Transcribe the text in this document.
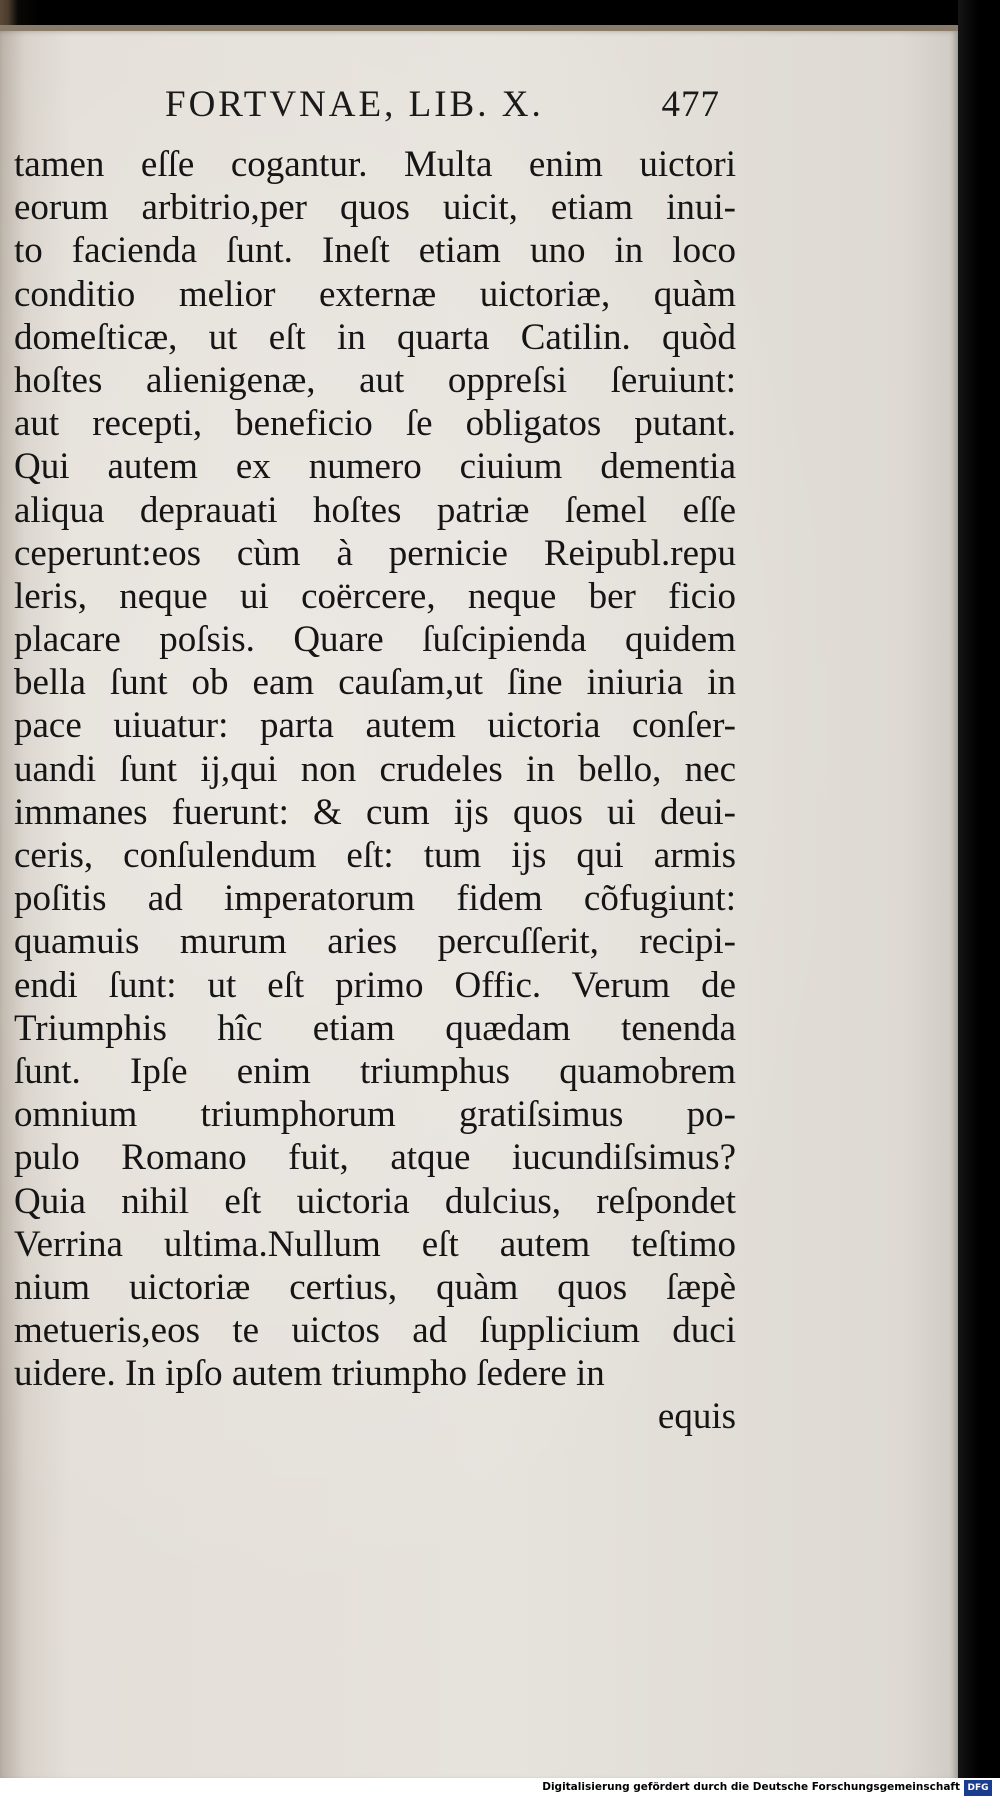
FORTVNAE, LIB. X.	477
tamen eſſe cogantur. Multa enim uictori
eorum arbitrio,per quos uicit, etiam inui-
to facienda ſunt. Ineſt etiam uno in loco
conditio melior externæ uictoriæ, quàm
domeſticæ, ut eſt in quarta Catilin. quòd
hoſtes alienigenæ, aut oppreſsi ſeruiunt:
aut recepti, beneficio ſe obligatos putant.
Qui autem ex numero ciuium dementia
aliqua deprauati hoſtes patriæ ſemel eſſe
ceperunt:eos cùm à pernicie Reipubl.repu
leris, neque ui coërcere, neque ber ficio
placare poſsis. Quare ſuſcipienda quidem
bella ſunt ob eam cauſam,ut ſine iniuria in
pace uiuatur: parta autem uictoria conſer-
uandi ſunt ij,qui non crudeles in bello, nec
immanes fuerunt: & cum ijs quos ui deui-
ceris, conſulendum eſt: tum ijs qui armis
poſitis ad imperatorum fidem cõfugiunt:
quamuis murum aries percuſſerit, recipi-
endi ſunt: ut eſt primo Offic. Verum de
Triumphis hîc etiam quædam tenenda
ſunt. Ipſe enim triumphus quamobrem
omnium triumphorum gratiſsimus po-
pulo Romano fuit, atque iucundiſsimus?
Quia nihil eſt uictoria dulcius, reſpondet
Verrina ultima.Nullum eſt autem teſtimo
nium uictoriæ certius, quàm quos ſæpè
metueris,eos te uictos ad ſupplicium duci
uidere. In ipſo autem triumpho ſedere in
equis
Digitalisierung gefördert durch die Deutsche Forschungsgemeinschaft DFG
